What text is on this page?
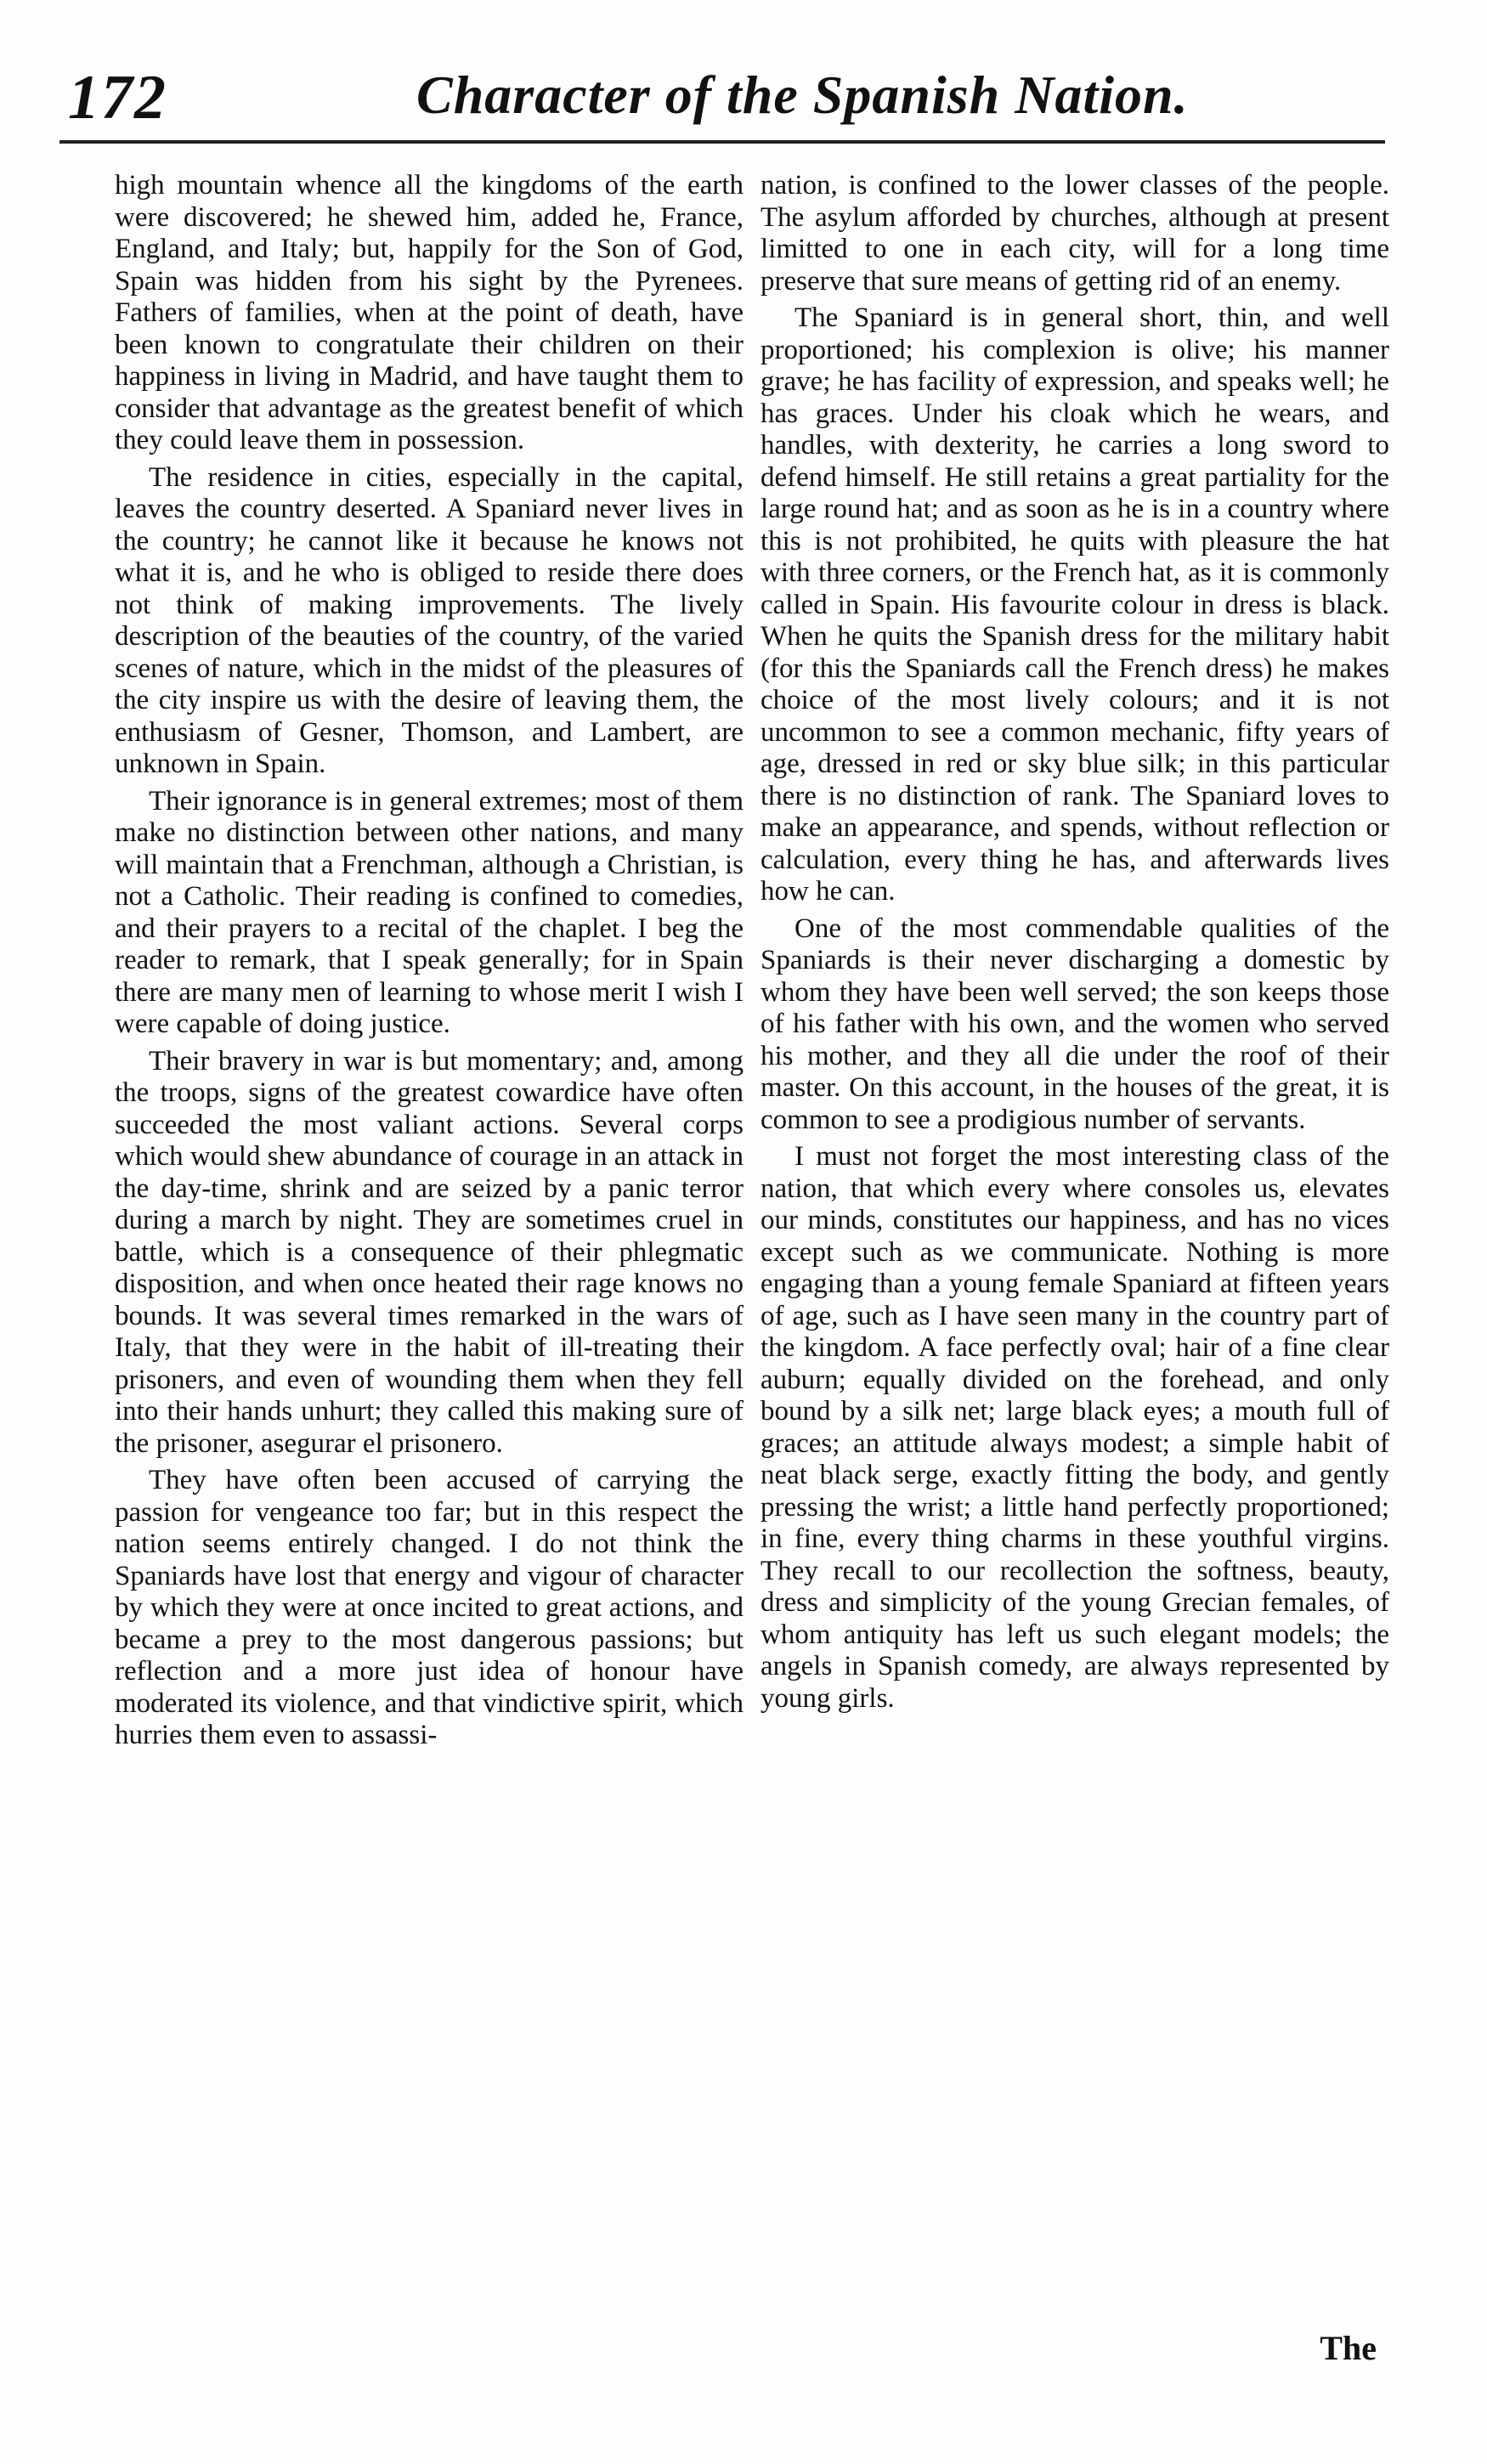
172	Character of the Spanish Nation.

high mountain whence all the kingdoms of the earth were discovered; he shewed him, added he, France, England, and Italy; but, happily for the Son of God, Spain was hidden from his sight by the Pyrenees. Fathers of families, when at the point of death, have been known to congratulate their children on their happiness in living in Madrid, and have taught them to consider that advantage as the greatest benefit of which they could leave them in possession.

The residence in cities, especially in the capital, leaves the country deserted. A Spaniard never lives in the country; he cannot like it because he knows not what it is, and he who is obliged to reside there does not think of making improvements. The lively description of the beauties of the country, of the varied scenes of nature, which in the midst of the pleasures of the city inspire us with the desire of leaving them, the enthusiasm of Gesner, Thomson, and Lambert, are unknown in Spain.

Their ignorance is in general extremes; most of them make no distinction between other nations, and many will maintain that a Frenchman, although a Christian, is not a Catholic. Their reading is confined to comedies, and their prayers to a recital of the chaplet. I beg the reader to remark, that I speak generally; for in Spain there are many men of learning to whose merit I wish I were capable of doing justice.

Their bravery in war is but momentary; and, among the troops, signs of the greatest cowardice have often succeeded the most valiant actions. Several corps which would shew abundance of courage in an attack in the day-time, shrink and are seized by a panic terror during a march by night. They are sometimes cruel in battle, which is a consequence of their phlegmatic disposition, and when once heated their rage knows no bounds. It was several times remarked in the wars of Italy, that they were in the habit of ill-treating their prisoners, and even of wounding them when they fell into their hands unhurt; they called this making sure of the prisoner, asegurar el prisonero.

They have often been accused of carrying the passion for vengeance too far; but in this respect the nation seems entirely changed. I do not think the Spaniards have lost that energy and vigour of character by which they were at once incited to great actions, and became a prey to the most dangerous passions; but reflection and a more just idea of honour have moderated its violence, and that vindictive spirit, which hurries them even to assassi-

nation, is confined to the lower classes of the people. The asylum afforded by churches, although at present limitted to one in each city, will for a long time preserve that sure means of getting rid of an enemy.

The Spaniard is in general short, thin, and well proportioned; his complexion is olive; his manner grave; he has facility of expression, and speaks well; he has graces. Under his cloak which he wears, and handles, with dexterity, he carries a long sword to defend himself. He still retains a great partiality for the large round hat; and as soon as he is in a country where this is not prohibited, he quits with pleasure the hat with three corners, or the French hat, as it is commonly called in Spain. His favourite colour in dress is black. When he quits the Spanish dress for the military habit (for this the Spaniards call the French dress) he makes choice of the most lively colours; and it is not uncommon to see a common mechanic, fifty years of age, dressed in red or sky blue silk; in this particular there is no distinction of rank. The Spaniard loves to make an appearance, and spends, without reflection or calculation, every thing he has, and afterwards lives how he can.

One of the most commendable qualities of the Spaniards is their never discharging a domestic by whom they have been well served; the son keeps those of his father with his own, and the women who served his mother, and they all die under the roof of their master. On this account, in the houses of the great, it is common to see a prodigious number of servants.

I must not forget the most interesting class of the nation, that which every where consoles us, elevates our minds, constitutes our happiness, and has no vices except such as we communicate. Nothing is more engaging than a young female Spaniard at fifteen years of age, such as I have seen many in the country part of the kingdom. A face perfectly oval; hair of a fine clear auburn; equally divided on the forehead, and only bound by a silk net; large black eyes; a mouth full of graces; an attitude always modest; a simple habit of neat black serge, exactly fitting the body, and gently pressing the wrist; a little hand perfectly proportioned; in fine, every thing charms in these youthful virgins. They recall to our recollection the softness, beauty, dress and simplicity of the young Grecian females, of whom antiquity has left us such elegant models; the angels in Spanish comedy, are always represented by young girls.

The
